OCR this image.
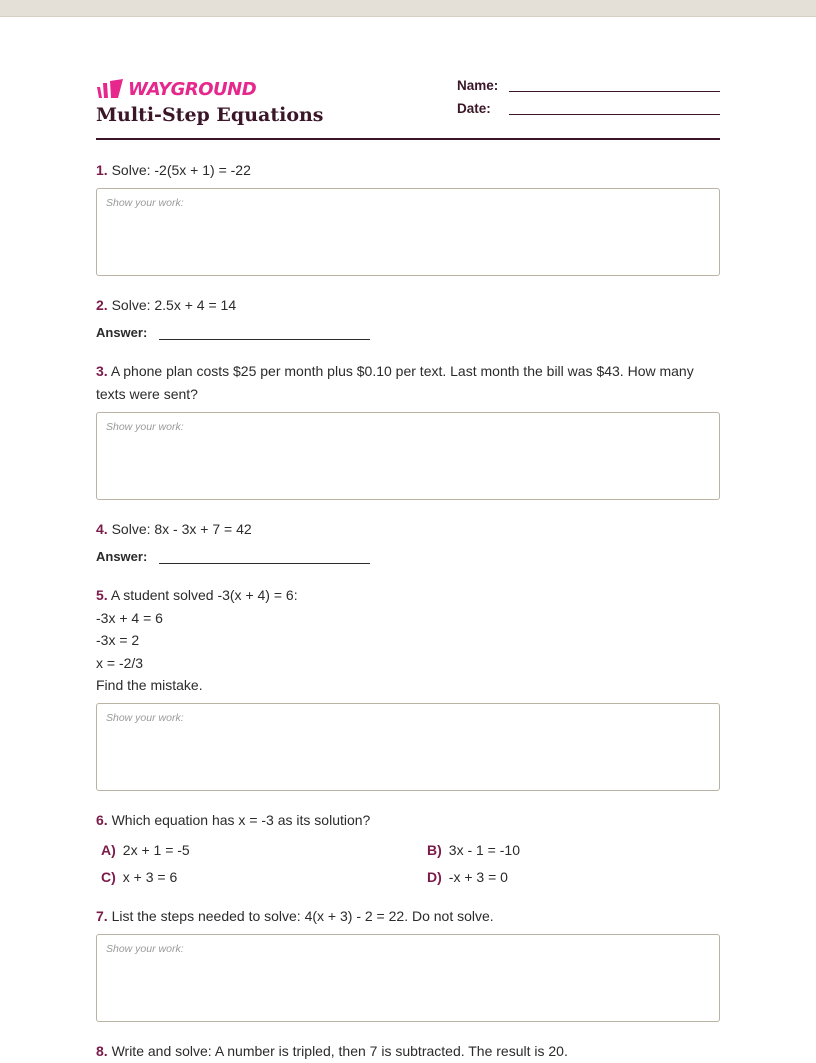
WAYGROUND
Multi-Step Equations
Name:
Date:
1. Solve: -2(5x + 1) = -22
Show your work:
2. Solve: 2.5x + 4 = 14
Answer:
3. A phone plan costs $25 per month plus $0.10 per text. Last month the bill was $43. How many texts were sent?
Show your work:
4. Solve: 8x - 3x + 7 = 42
Answer:
5. A student solved -3(x + 4) = 6:
-3x + 4 = 6
-3x = 2
x = -2/3
Find the mistake.
Show your work:
6. Which equation has x = -3 as its solution?
A) 2x + 1 = -5	B) 3x - 1 = -10
C) x + 3 = 6	D) -x + 3 = 0
7. List the steps needed to solve: 4(x + 3) - 2 = 22. Do not solve.
Show your work:
8. Write and solve: A number is tripled, then 7 is subtracted. The result is 20.
